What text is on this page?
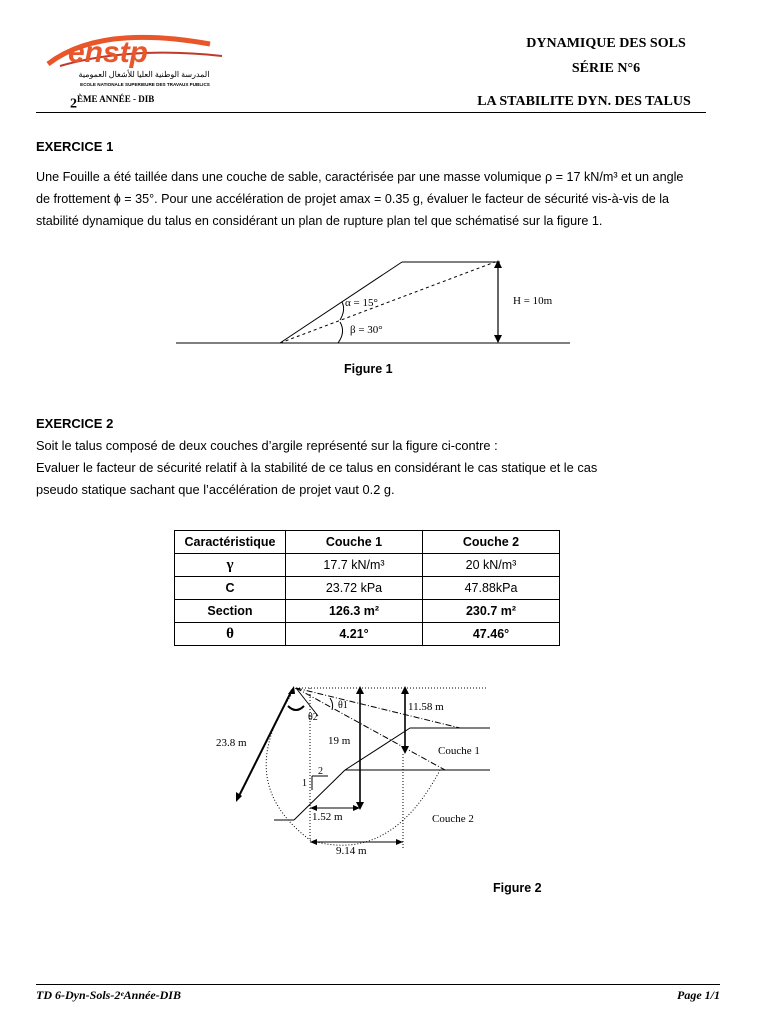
enstp
المدرسة الوطنية العليا للأشغال العمومية
ECOLE NATIONALE SUPERIEURE DES TRAVAUX PUBLICS
$2^{ÈME ANNÉE - DIB}$
DYNAMIQUE DES SOLS
SÉRIE N°6
LA STABILITE DYN. DES TALUS
EXERCICE 1
Une Fouille a été taillée dans une couche de sable, caractérisée par une masse volumique ρ = 17 kN/m³ et un angle
de frottement ϕ = 35°. Pour une accélération de projet amax = 0.35 g, évaluer le facteur de sécurité vis-à-vis de la
stabilité dynamique du talus en considérant un plan de rupture plan tel que schématisé sur la figure 1.
α = 15°
β = 30°
H = 10m
Figure 1
EXERCICE 2
Soit le talus composé de deux couches d’argile représenté sur la figure ci-contre :
Evaluer le facteur de sécurité relatif à la stabilité de ce talus en considérant le cas statique et le cas
pseudo statique sachant que l’accélération de projet vaut 0.2 g.
Caractéristique	Couche 1	Couche 2
γ	17.7 kN/m³	20 kN/m³
C	23.72 kPa	47.88kPa
Section	126.3 m²	230.7 m²
θ	4.21°	47.46°
23.8 m	19 m
11.58 m
1.52 m
9.14 m
Couche 1
Couche 2
θ1
θ2
1
2
Figure 2
TD 6-Dyn-Sols-2ᵉAnnée-DIB	Page 1/1
